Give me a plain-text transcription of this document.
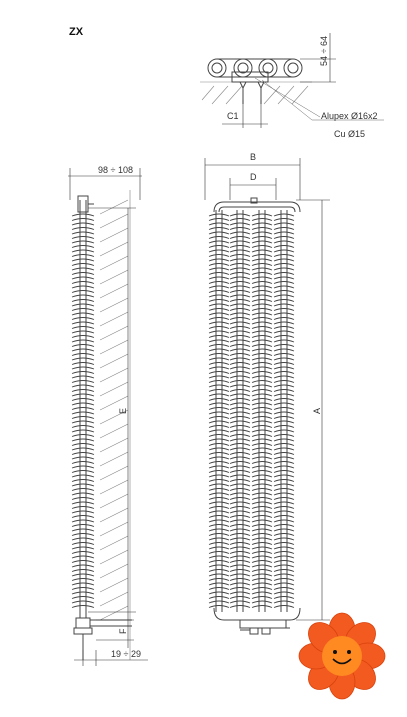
ZX
54 ÷ 64
C1	Alupex Ø16x2
Cu Ø15
98 ÷ 108
E
F
19 ÷ 29
B
D
A
